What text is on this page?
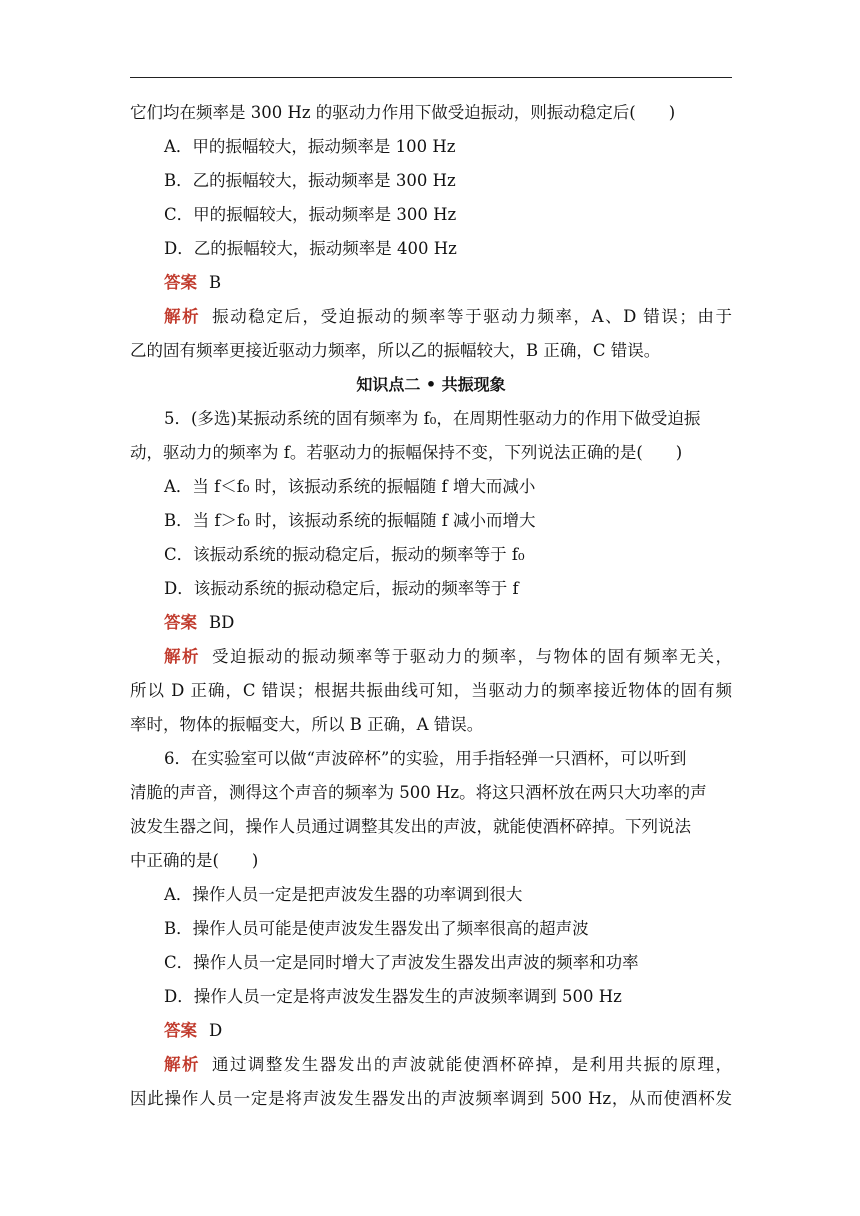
它们均在频率是 300 Hz 的驱动力作用下做受迫振动，则振动稳定后(　　)
A．甲的振幅较大，振动频率是 100 Hz
B．乙的振幅较大，振动频率是 300 Hz
C．甲的振幅较大，振动频率是 300 Hz
D．乙的振幅较大，振动频率是 400 Hz
答案 B
解析 振动稳定后，受迫振动的频率等于驱动力频率，A、D 错误；由于
乙的固有频率更接近驱动力频率，所以乙的振幅较大，B 正确，C 错误。
知识点二 • 共振现象
5．(多选)某振动系统的固有频率为 f₀，在周期性驱动力的作用下做受迫振
动，驱动力的频率为 f。若驱动力的振幅保持不变，下列说法正确的是(　　)
A．当 f＜f₀ 时，该振动系统的振幅随 f 增大而减小
B．当 f＞f₀ 时，该振动系统的振幅随 f 减小而增大
C．该振动系统的振动稳定后，振动的频率等于 f₀
D．该振动系统的振动稳定后，振动的频率等于 f
答案 BD
解析 受迫振动的振动频率等于驱动力的频率，与物体的固有频率无关，
所以 D 正确，C 错误；根据共振曲线可知，当驱动力的频率接近物体的固有频
率时，物体的振幅变大，所以 B 正确，A 错误。
6．在实验室可以做“声波碎杯”的实验，用手指轻弹一只酒杯，可以听到
清脆的声音，测得这个声音的频率为 500 Hz。将这只酒杯放在两只大功率的声
波发生器之间，操作人员通过调整其发出的声波，就能使酒杯碎掉。下列说法
中正确的是(　　)
A．操作人员一定是把声波发生器的功率调到很大
B．操作人员可能是使声波发生器发出了频率很高的超声波
C．操作人员一定是同时增大了声波发生器发出声波的频率和功率
D．操作人员一定是将声波发生器发生的声波频率调到 500 Hz
答案 D
解析 通过调整发生器发出的声波就能使酒杯碎掉，是利用共振的原理，
因此操作人员一定是将声波发生器发出的声波频率调到 500 Hz，从而使酒杯发
